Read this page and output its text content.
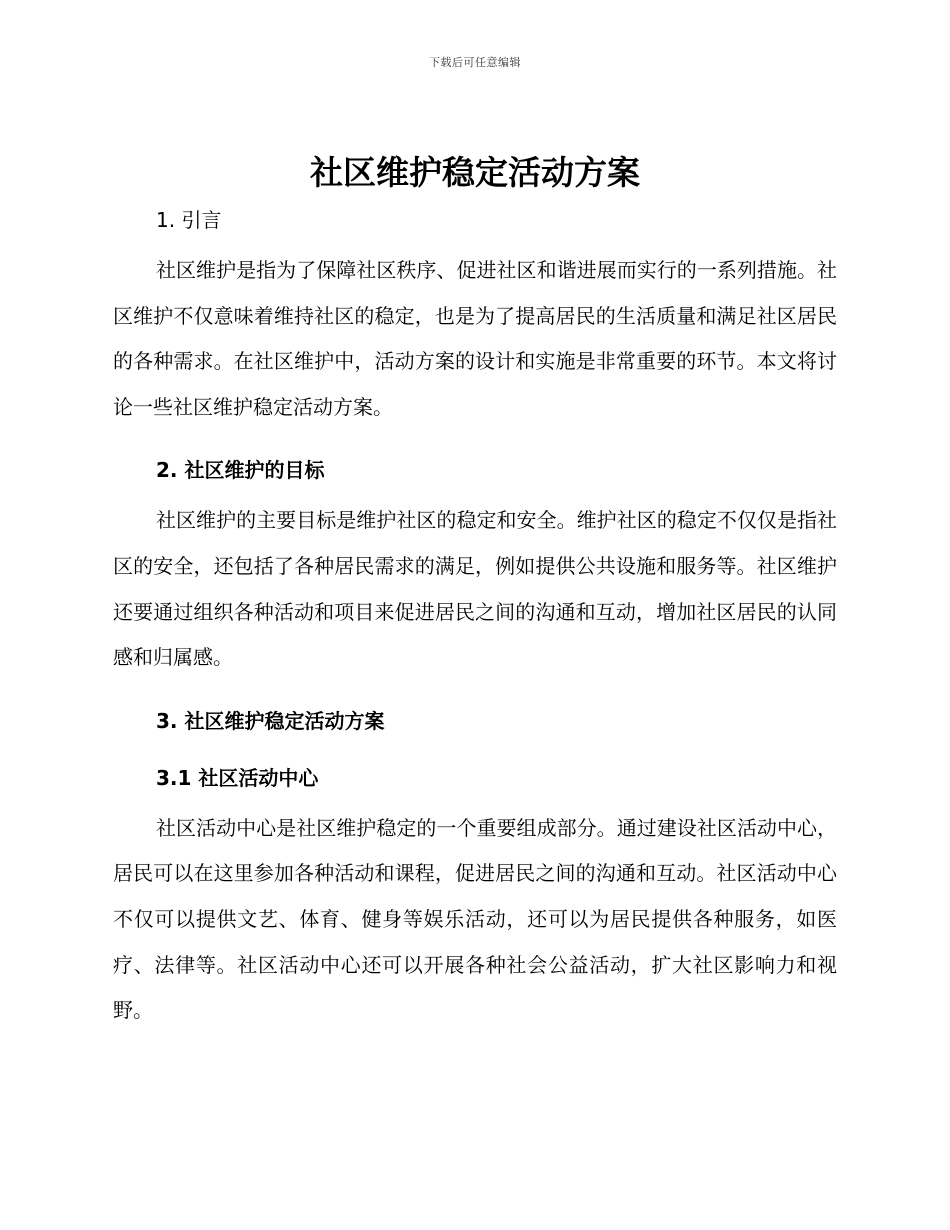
下载后可任意编辑
社区维护稳定活动方案
1. 引言

社区维护是指为了保障社区秩序、促进社区和谐进展而实行的一系列措施。社区维护不仅意味着维持社区的稳定，也是为了提高居民的生活质量和满足社区居民的各种需求。在社区维护中，活动方案的设计和实施是非常重要的环节。本文将讨论一些社区维护稳定活动方案。

2. 社区维护的目标

社区维护的主要目标是维护社区的稳定和安全。维护社区的稳定不仅仅是指社区的安全，还包括了各种居民需求的满足，例如提供公共设施和服务等。社区维护还要通过组织各种活动和项目来促进居民之间的沟通和互动，增加社区居民的认同感和归属感。

3. 社区维护稳定活动方案
3.1 社区活动中心

社区活动中心是社区维护稳定的一个重要组成部分。通过建设社区活动中心，居民可以在这里参加各种活动和课程，促进居民之间的沟通和互动。社区活动中心不仅可以提供文艺、体育、健身等娱乐活动，还可以为居民提供各种服务，如医疗、法律等。社区活动中心还可以开展各种社会公益活动，扩大社区影响力和视野。
